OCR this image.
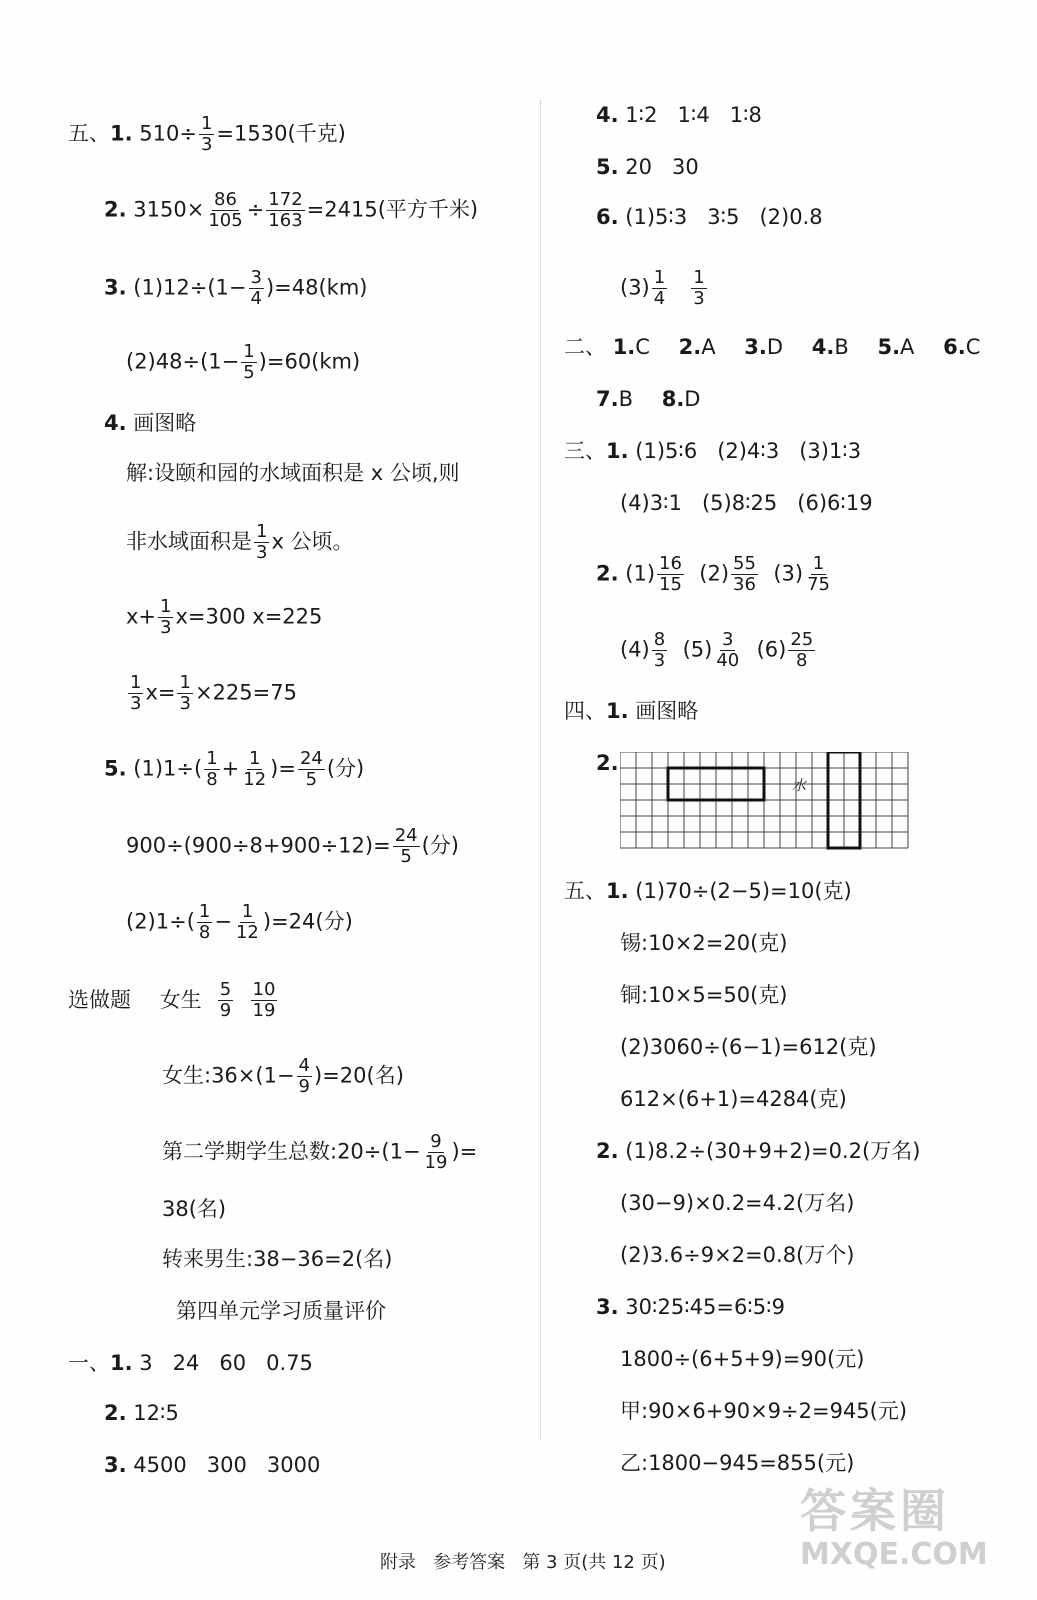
五、1. $510\div \frac{1}{3} =1530$(千克)
2. $3150\times \frac{86}{105} \div \frac{172}{163} =2415$(平方千米)
3. $(1)12\div(1- \frac{3}{4} )=48(km)$
$(2)48\div(1- \frac{1}{5} )=60(km)$
4. 画图略
解:设颐和园的水域面积是 x 公顷,则
非水域面积是 $\frac{1}{3}$ x 公顷。
$x+ \frac{1}{3} x=300$ x=225
$\frac{1}{3} x= \frac{1}{3} \times 225=75$
5. $(1)1\div( \frac{1}{8} + \frac{1}{12}$ )= $\frac{24}{5}$ (分)
$900\div(900\div 8+900\div 12)= \frac{24}{5}$ (分)
$(2)1\div( \frac{1}{8} - \frac{1}{12} )=24$(分)
选做题 女生 $\frac{5}{9}$
$\frac{10}{19}$
女生:36×(1− $\frac{4}{9} )=20$(名)
第二学期学生总数:20÷(1− $\frac{9}{19}$ )=
38(名)
转来男生:38−36=2(名)
第四单元学习质量评价
一、1. 3   24   60   0.75
2. 12∶5
3. 4500   300   3000
4. 1∶2   1∶4   1∶8
5. 20   30
6. (1)5∶3   3∶5   (2)0.8
$(3) \frac{1}{4}$
$\frac{1}{3}$
二、 1.C 2.A 3.D 4.B 5.A 6.C
7.B 8.D
三、1. (1)5∶6   (2)4∶3   (3)1∶3
(4)3∶1   (5)8∶25   (6)6∶19
2. $(1) \frac{16}{15} (2) \frac{55}{36} (3) \frac{1}{75}$
$(4) \frac{8}{3} (5) \frac{3}{40} (6) \frac{25}{8}$
四、1. 画图略
2.
水
五、1. (1)70÷(2−5)=10(克)
锡:10×2=20(克)
铜:10×5=50(克)
(2)3060÷(6−1)=612(克)
612×(6+1)=4284(克)
2. (1)8.2÷(30+9+2)=0.2(万名)
(30−9)×0.2=4.2(万名)
(2)3.6÷9×2=0.8(万个)
3. 30∶25∶45=6∶5∶9
1800÷(6+5+9)=90(元)
甲:90×6+90×9÷2=945(元)
乙:1800−945=855(元)
附录   参考答案   第 3 页(共 12 页)
答案圈
MXQE.COM
